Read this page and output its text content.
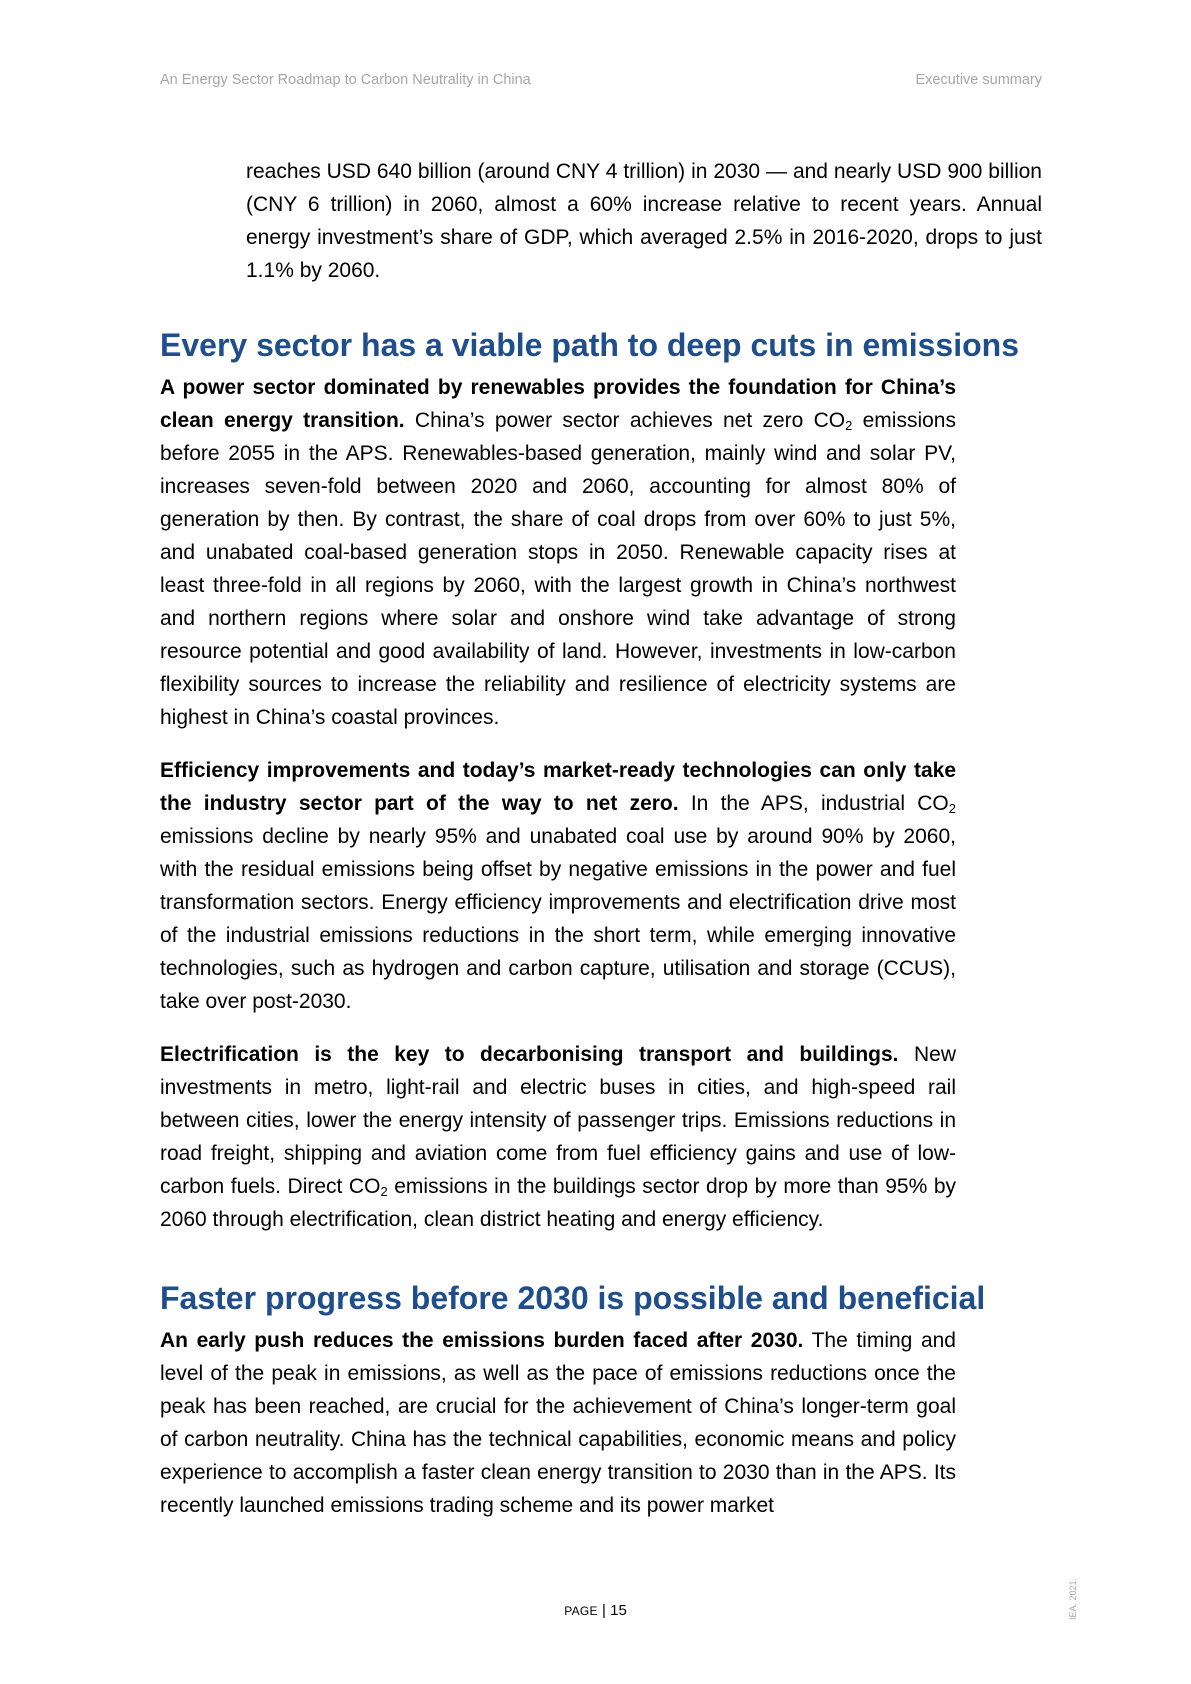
An Energy Sector Roadmap to Carbon Neutrality in China	Executive summary

reaches USD 640 billion (around CNY 4 trillion) in 2030 — and nearly USD 900 billion (CNY 6 trillion) in 2060, almost a 60% increase relative to recent years. Annual energy investment’s share of GDP, which averaged 2.5% in 2016-2020, drops to just 1.1% by 2060.

Every sector has a viable path to deep cuts in emissions

A power sector dominated by renewables provides the foundation for China’s clean energy transition. China’s power sector achieves net zero $CO_2$ emissions before 2055 in the APS. Renewables-based generation, mainly wind and solar PV, increases seven-fold between 2020 and 2060, accounting for almost 80% of generation by then. By contrast, the share of coal drops from over 60% to just 5%, and unabated coal-based generation stops in 2050. Renewable capacity rises at least three-fold in all regions by 2060, with the largest growth in China’s northwest and northern regions where solar and onshore wind take advantage of strong resource potential and good availability of land. However, investments in low-carbon flexibility sources to increase the reliability and resilience of electricity systems are highest in China’s coastal provinces.

Efficiency improvements and today’s market-ready technologies can only take the industry sector part of the way to net zero. In the APS, industrial $CO_2$ emissions decline by nearly 95% and unabated coal use by around 90% by 2060, with the residual emissions being offset by negative emissions in the power and fuel transformation sectors. Energy efficiency improvements and electrification drive most of the industrial emissions reductions in the short term, while emerging innovative technologies, such as hydrogen and carbon capture, utilisation and storage (CCUS), take over post-2030.

Electrification is the key to decarbonising transport and buildings. New investments in metro, light-rail and electric buses in cities, and high-speed rail between cities, lower the energy intensity of passenger trips. Emissions reductions in road freight, shipping and aviation come from fuel efficiency gains and use of low-carbon fuels. Direct $CO_2$ emissions in the buildings sector drop by more than 95% by 2060 through electrification, clean district heating and energy efficiency.

Faster progress before 2030 is possible and beneficial

An early push reduces the emissions burden faced after 2030. The timing and level of the peak in emissions, as well as the pace of emissions reductions once the peak has been reached, are crucial for the achievement of China’s longer-term goal of carbon neutrality. China has the technical capabilities, economic means and policy experience to accomplish a faster clean energy transition to 2030 than in the APS. Its recently launched emissions trading scheme and its power market

PAGE | 15	IEA. 2021.
